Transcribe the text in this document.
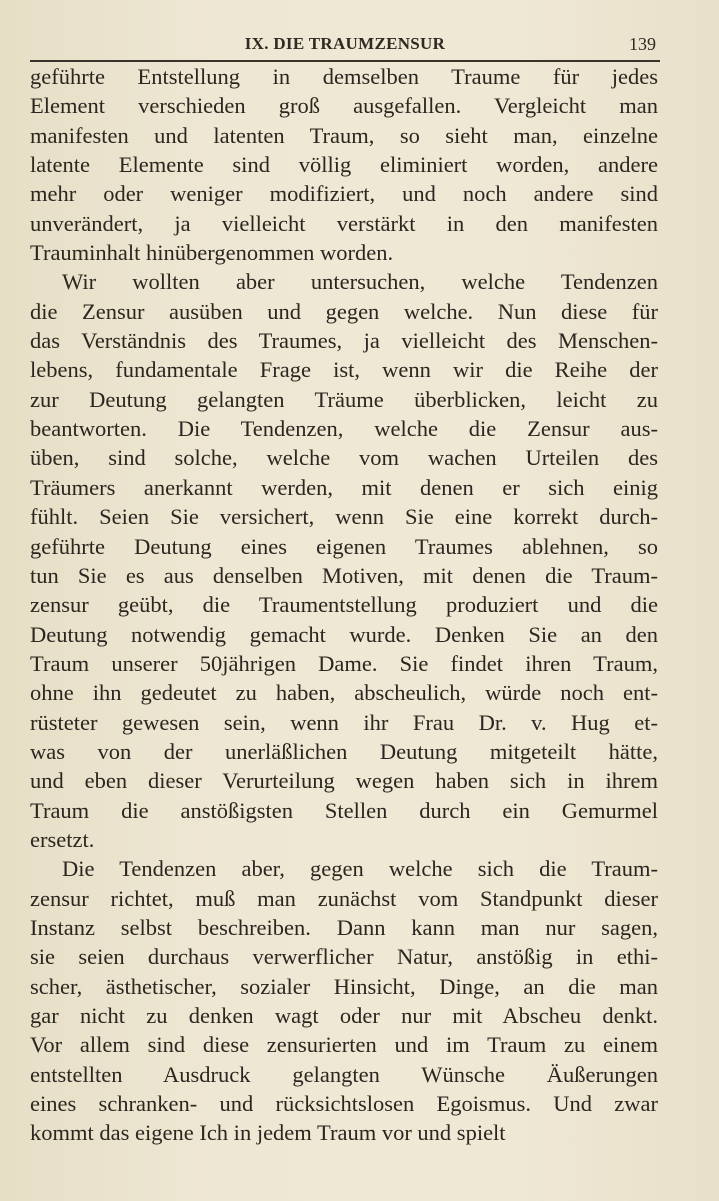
IX. DIE TRAUMZENSUR	139
geführte Entstellung in demselben Traume für jedes
Element verschieden groß ausgefallen. Vergleicht man
manifesten und latenten Traum, so sieht man, einzelne
latente Elemente sind völlig eliminiert worden, andere
mehr oder weniger modifiziert, und noch andere sind
unverändert, ja vielleicht verstärkt in den manifesten
Trauminhalt hinübergenommen worden.
Wir wollten aber untersuchen, welche Tendenzen
die Zensur ausüben und gegen welche. Nun diese für
das Verständnis des Traumes, ja vielleicht des Menschen-
lebens, fundamentale Frage ist, wenn wir die Reihe der
zur Deutung gelangten Träume überblicken, leicht zu
beantworten. Die Tendenzen, welche die Zensur aus-
üben, sind solche, welche vom wachen Urteilen des
Träumers anerkannt werden, mit denen er sich einig
fühlt. Seien Sie versichert, wenn Sie eine korrekt durch-
geführte Deutung eines eigenen Traumes ablehnen, so
tun Sie es aus denselben Motiven, mit denen die Traum-
zensur geübt, die Traumentstellung produziert und die
Deutung notwendig gemacht wurde. Denken Sie an den
Traum unserer 50jährigen Dame. Sie findet ihren Traum,
ohne ihn gedeutet zu haben, abscheulich, würde noch ent-
rüsteter gewesen sein, wenn ihr Frau Dr. v. Hug et-
was von der unerläßlichen Deutung mitgeteilt hätte,
und eben dieser Verurteilung wegen haben sich in ihrem
Traum die anstößigsten Stellen durch ein Gemurmel
ersetzt.
Die Tendenzen aber, gegen welche sich die Traum-
zensur richtet, muß man zunächst vom Standpunkt dieser
Instanz selbst beschreiben. Dann kann man nur sagen,
sie seien durchaus verwerflicher Natur, anstößig in ethi-
scher, ästhetischer, sozialer Hinsicht, Dinge, an die man
gar nicht zu denken wagt oder nur mit Abscheu denkt.
Vor allem sind diese zensurierten und im Traum zu einem
entstellten Ausdruck gelangten Wünsche Äußerungen
eines schranken- und rücksichtslosen Egoismus. Und zwar
kommt das eigene Ich in jedem Traum vor und spielt
